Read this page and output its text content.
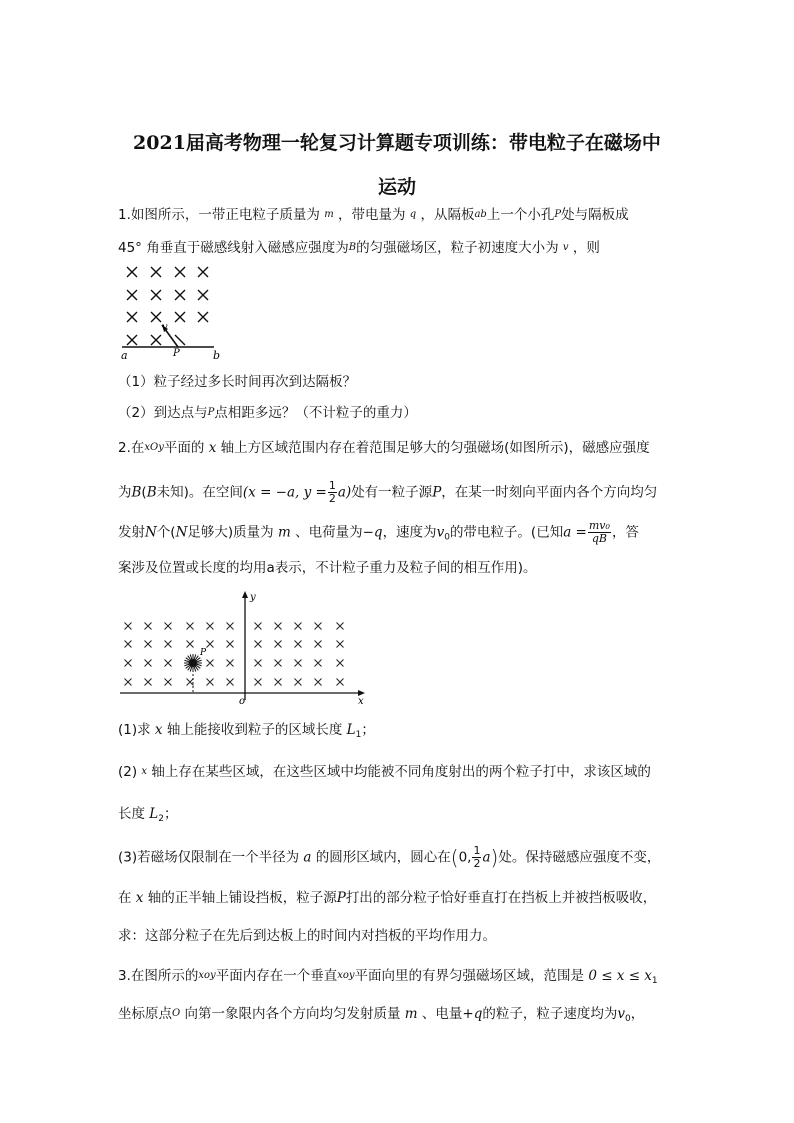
2021届高考物理一轮复习计算题专项训练：带电粒子在磁场中
运动
1.如图所示，一带正电粒子质量为 $^m$ ，带电量为 $^q$ ，从隔板$^{ab}$上一个小孔$^P$处与隔板成
45° 角垂直于磁感线射入磁感应强度为$^B$的匀强磁场区，粒子初速度大小为 $^v$ ，则
v
a	P	b
（1）粒子经过多长时间再次到达隔板？
（2）到达点与$^P$点相距多远？（不计粒子的重力）
2.在$^{xOy}$平面的 x 轴上方区域范围内存在着范围足够大的匀强磁场(如图所示)，磁感应强度
为B(B未知)。在空间(x = −a, $y = \frac{1}{2} a$)处有一粒子源P，在某一时刻向平面内各个方向均匀
发射N个(N足够大)质量为 m 、电荷量为−q，速度为$v_0$的带电粒子。(已知$a = \frac{\text{mv₀}}{qB}$ ，答
案涉及位置或长度的均用a表示，不计粒子重力及粒子间的相互作用)。
y
x
o
P
(1)求 x 轴上能接收到粒子的区域长度 $L_1$；
(2) $^x$ 轴上存在某些区域，在这些区域中均能被不同角度射出的两个粒子打中，求该区域的
长度 $L_2$；
(3)若磁场仅限制在一个半径为 a 的圆形区域内，圆心在(0, $\frac{1}{2} a$)处。保持磁感应强度不变，
在 x 轴的正半轴上铺设挡板，粒子源P打出的部分粒子恰好垂直打在挡板上并被挡板吸收，
求：这部分粒子在先后到达板上的时间内对挡板的平均作用力。
3.在图所示的$^{xoy}$平面内存在一个垂直$^{xoy}$平面向里的有界匀强磁场区域，范围是 $0 \le x \le x_1$
坐标原点$^O$ 向第一象限内各个方向均匀发射质量 m 、电量+q的粒子，粒子速度均为$v_0$，
